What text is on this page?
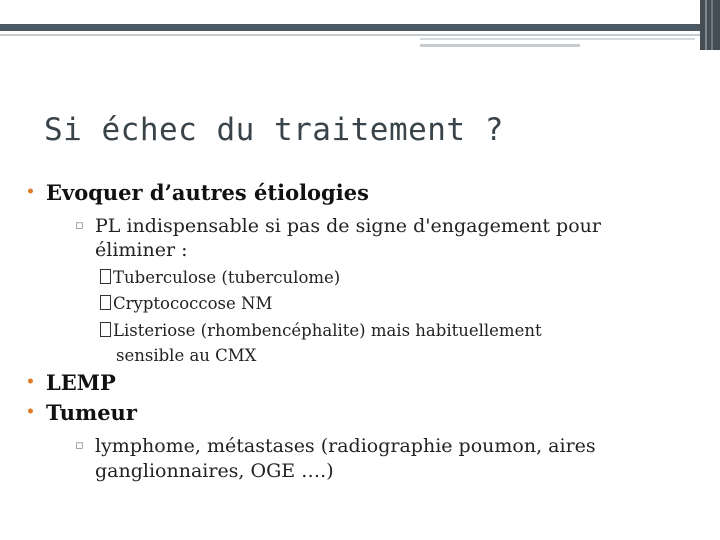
Si échec du traitement ?
• Evoquer d’autres étiologies
▫ PL indispensable si pas de signe d'engagement pour
éliminer :
Tuberculose (tuberculome)
Cryptococcose NM
Listeriose (rhombencéphalite) mais habituellement
sensible au CMX
• LEMP
• Tumeur
▫ lymphome, métastases (radiographie poumon, aires
ganglionnaires, OGE ….)
